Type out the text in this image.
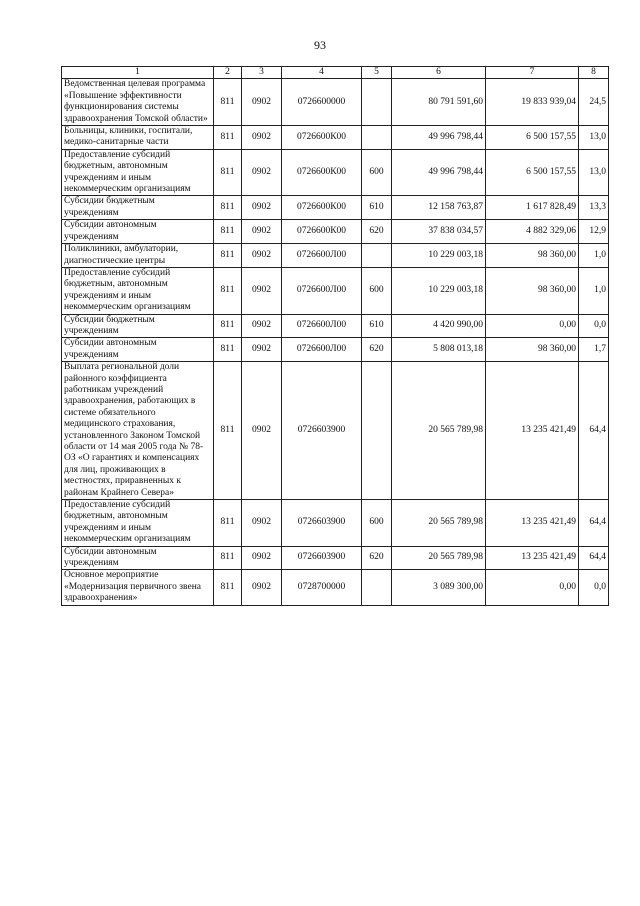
93
1	2	3	4	5	6	7	8
Ведомственная целевая программа «Повышение эффективности функционирования системы здравоохранения Томской области»	811	0902	0726600000		80 791 591,60	19 833 939,04	24,5
Больницы, клиники, госпитали, медико-санитарные части	811	0902	0726600К00		49 996 798,44	6 500 157,55	13,0
Предоставление субсидий бюджетным, автономным учреждениям и иным некоммерческим организациям	811	0902	0726600К00	600	49 996 798,44	6 500 157,55	13,0
Субсидии бюджетным учреждениям	811	0902	0726600К00	610	12 158 763,87	1 617 828,49	13,3
Субсидии автономным учреждениям	811	0902	0726600К00	620	37 838 034,57	4 882 329,06	12,9
Поликлиники, амбулатории, диагностические центры	811	0902	0726600Л00		10 229 003,18	98 360,00	1,0
Предоставление субсидий бюджетным, автономным учреждениям и иным некоммерческим организациям	811	0902	0726600Л00	600	10 229 003,18	98 360,00	1,0
Субсидии бюджетным учреждениям	811	0902	0726600Л00	610	4 420 990,00	0,00	0,0
Субсидии автономным учреждениям	811	0902	0726600Л00	620	5 808 013,18	98 360,00	1,7
Выплата региональной доли районного коэффициента работникам учреждений здравоохранения, работающих в системе обязательного медицинского страхования, установленного Законом Томской области от 14 мая 2005 года № 78-ОЗ «О гарантиях и компенсациях для лиц, проживающих в местностях, приравненных к районам Крайнего Севера»	811	0902	0726603900		20 565 789,98	13 235 421,49	64,4
Предоставление субсидий бюджетным, автономным учреждениям и иным некоммерческим организациям	811	0902	0726603900	600	20 565 789,98	13 235 421,49	64,4
Субсидии автономным учреждениям	811	0902	0726603900	620	20 565 789,98	13 235 421,49	64,4
Основное мероприятие «Модернизация первичного звена здравоохранения»	811	0902	0728700000		3 089 300,00	0,00	0,0
